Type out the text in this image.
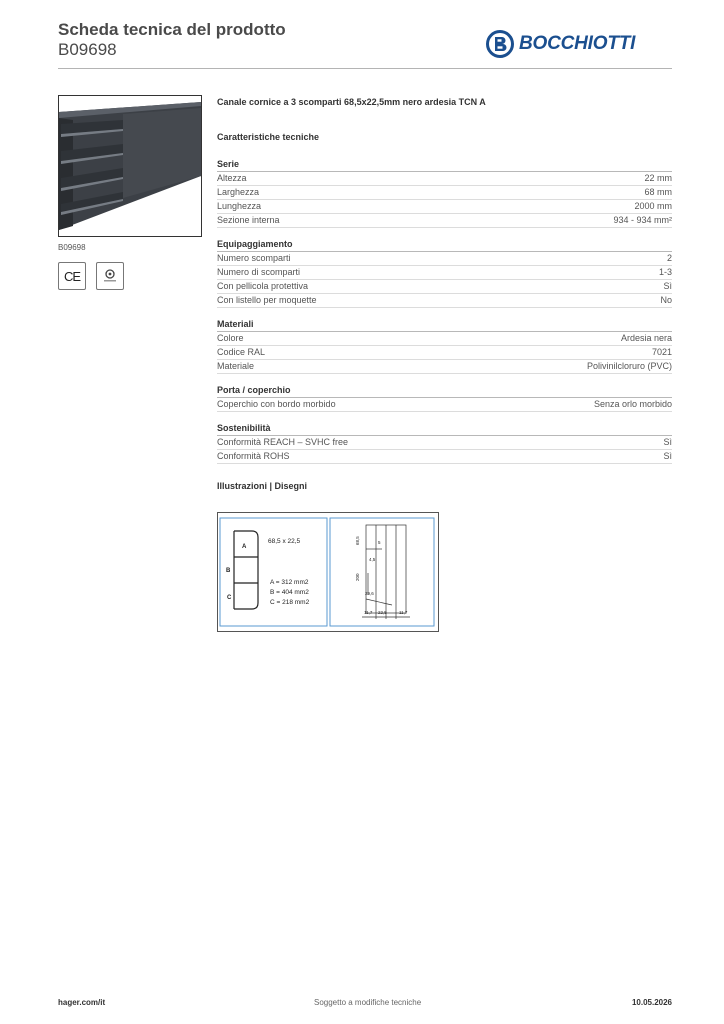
Scheda tecnica del prodotto
B09698	BOCCHIOTTI
B09698
CE
Canale cornice a 3 scomparti 68,5x22,5mm nero ardesia TCN A
Caratteristiche tecniche
Serie
Altezza	22 mm
Larghezza	68 mm
Lunghezza	2000 mm
Sezione interna	934 - 934 mm²
Equipaggiamento
Numero scomparti	2
Numero di scomparti	1-3
Con pellicola protettiva	Sì
Con listello per moquette	No
Materiali
Colore	Ardesia nera
Codice RAL	7021
Materiale	Polivinilcloruro (PVC)
Porta / coperchio
Coperchio con bordo morbido	Senza orlo morbido
Sostenibilità
Conformità REACH – SVHC free	Sì
Conformità ROHS	Sì
Illustrazioni | Disegni
A
B
C
68,5 x 22,5
A = 312 mm2
B = 404 mm2
C = 218 mm2
68,5	5
4,5
200
29,6
11,7 22,5	11,7
hager.com/it	Soggetto a modifiche tecniche	10.05.2026
